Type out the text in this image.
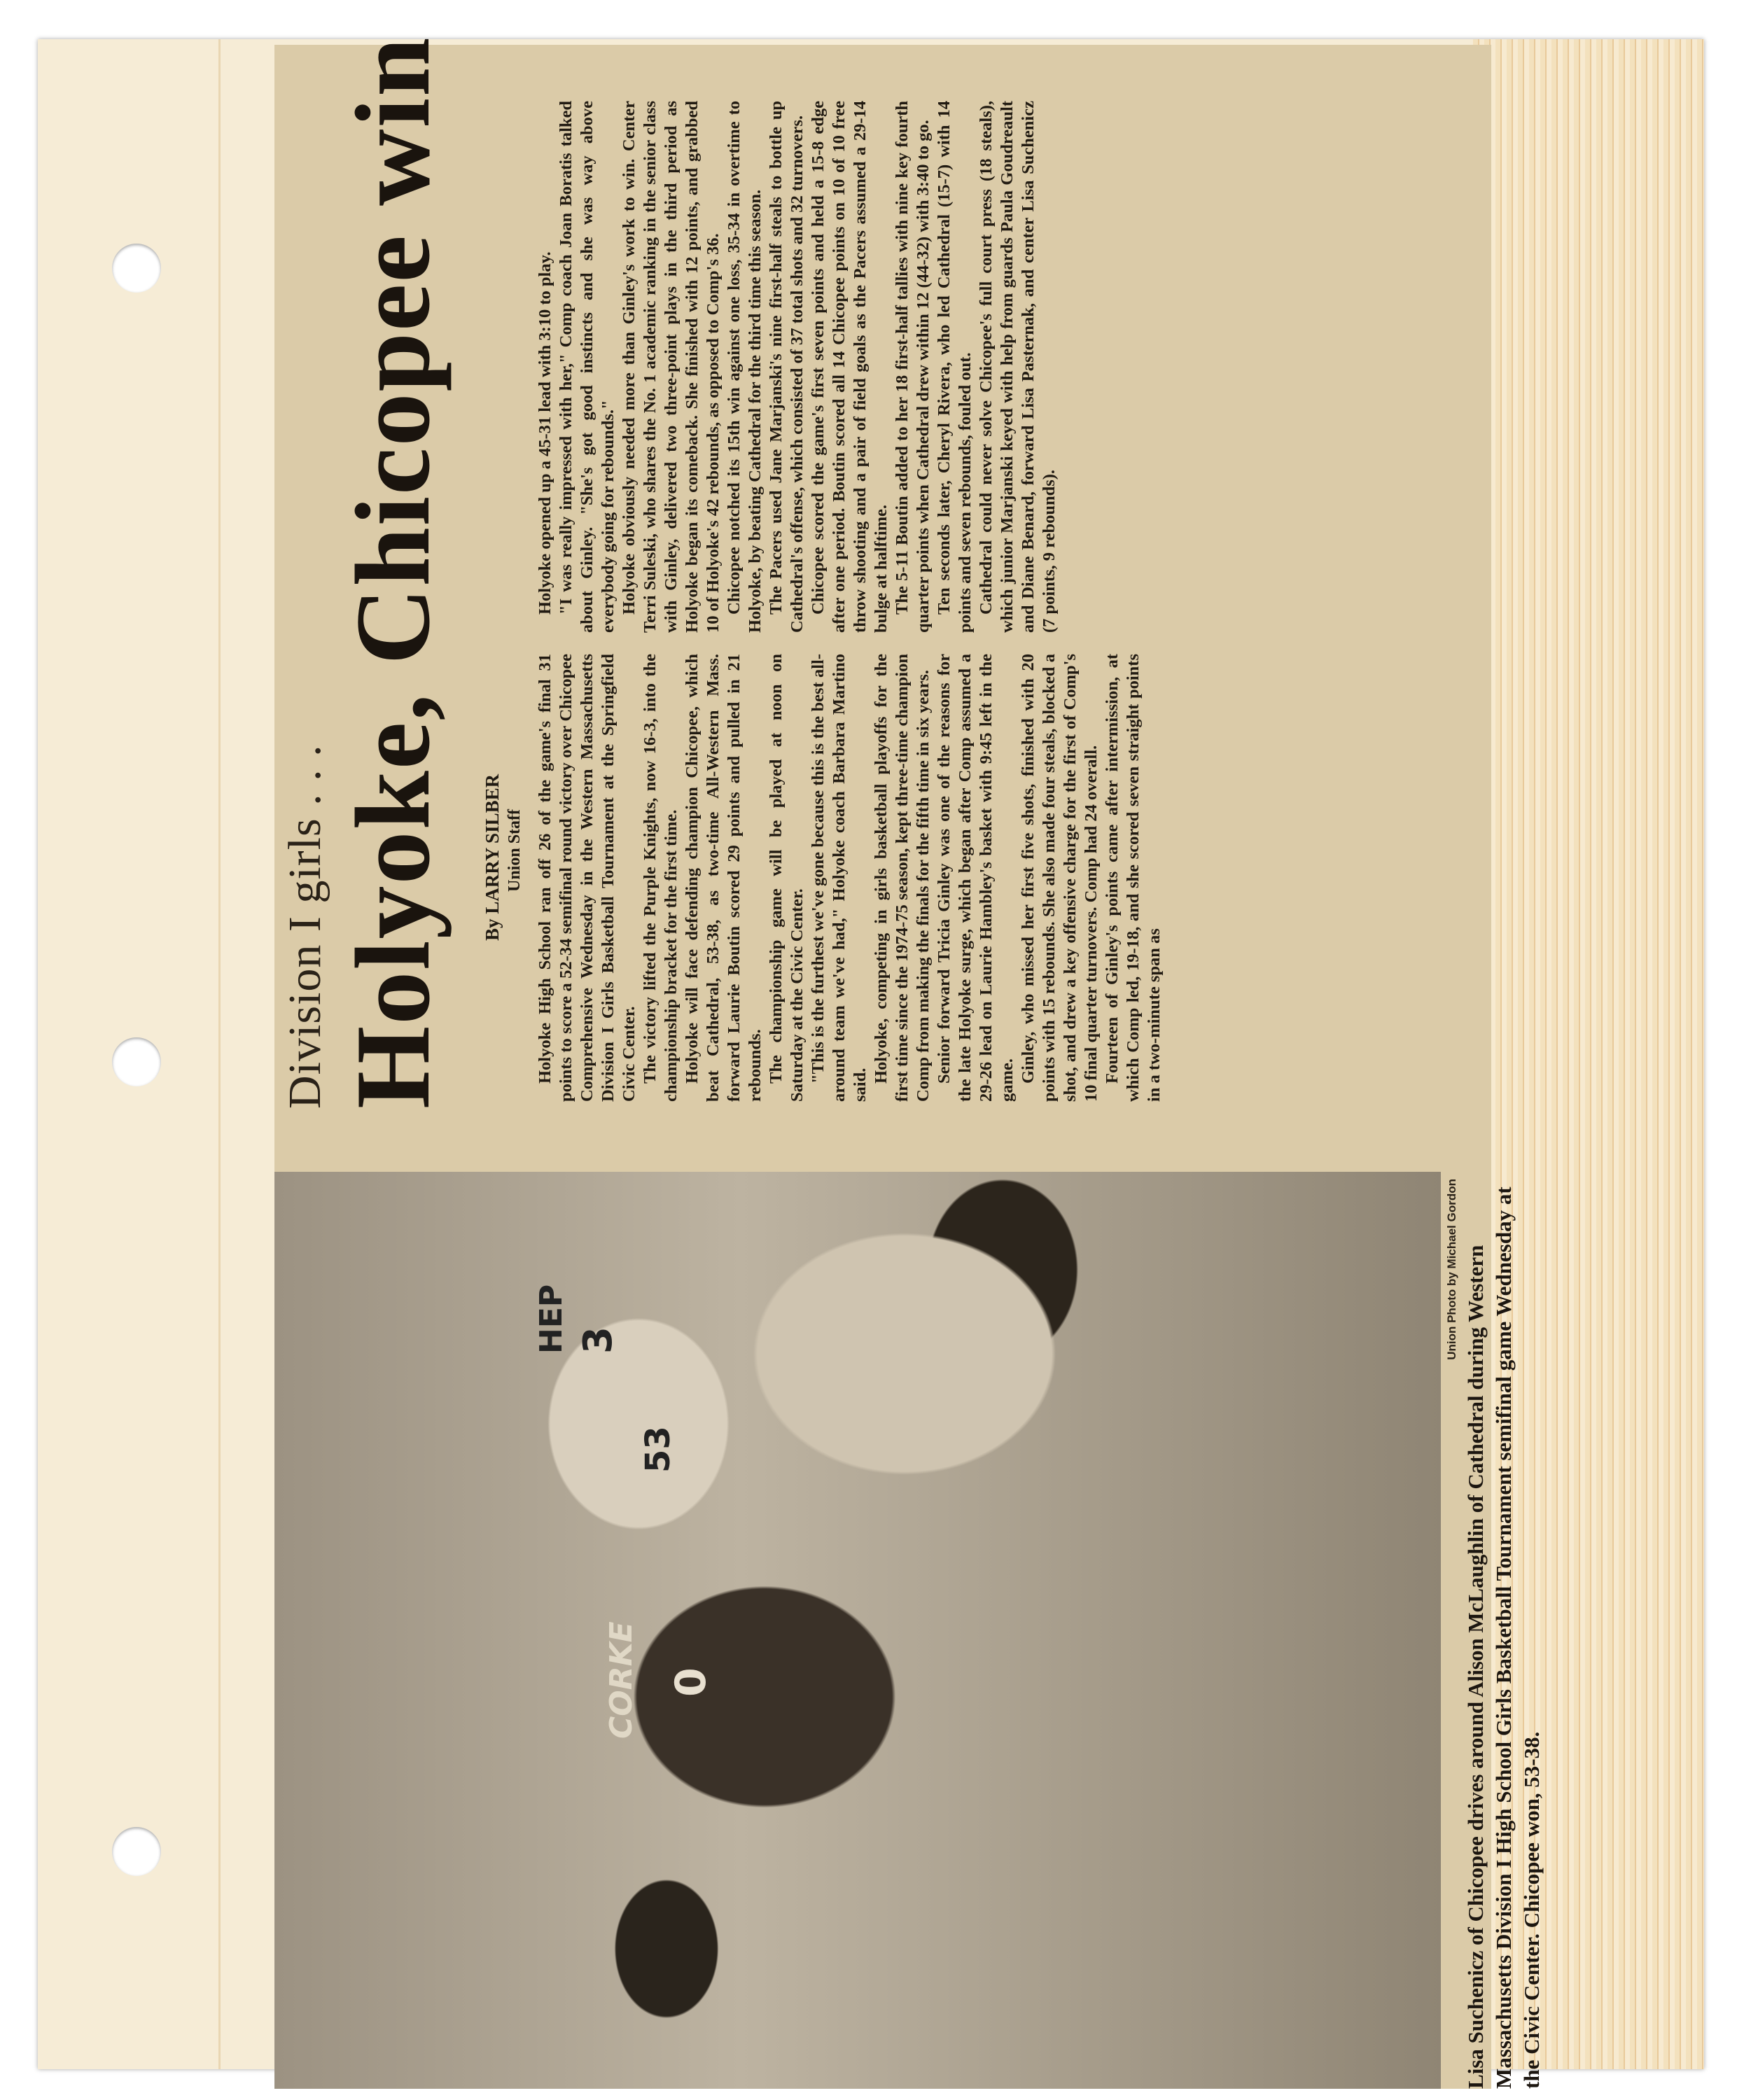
0
CORKE
3
HEP
53
Union Photo by Michael Gordon Lisa Suchenicz of Chicopee drives around Alison McLaughlin of Cathedral during Western Massachusetts Division I High School Girls Basketball Tournament semifinal game Wednesday at the Civic Center. Chicopee won, 53-38.
Division I girls . . . Holyoke, Chicopee win By LARRY SILBER Union Staff Holyoke High School ran off 26 of the game's final 31 points to score a 52-34 semifinal round victory over Chicopee Comprehensive Wednesday in the Western Massachusetts Division I Girls Basketball Tournament at the Springfield Civic Center. The victory lifted the Purple Knights, now 16-3, into the championship bracket for the first time. Holyoke will face defending champion Chicopee, which beat Cathedral, 53-38, as two-time All-Western Mass. forward Laurie Boutin scored 29 points and pulled in 21 rebounds. The championship game will be played at noon on Saturday at the Civic Center. "This is the furthest we've gone because this is the best all-around team we've had," Holyoke coach Barbara Martino said.

Holyoke, competing in girls basketball playoffs for the first time since the 1974-75 season, kept three-time champion Comp from making the finals for the fifth time in six years. Senior forward Tricia Ginley was one of the reasons for the late Holyoke surge, which began after Comp assumed a 29-26 lead on Laurie Hambley's basket with 9:45 left in the game. Ginley, who missed her first five shots, finished with 20 points with 15 rebounds. She also made four steals, blocked a shot, and drew a key offensive charge for the first of Comp's 10 final quarter turnovers. Comp had 24 overall. Fourteen of Ginley's points came after intermission, at which Comp led, 19-18, and she scored seven straight points in a two-minute span as

Holyoke opened up a 45-31 lead with 3:10 to play. "I was really impressed with her," Comp coach Joan Boratis talked about Ginley. "She's got good instincts and she was way above everybody going for rebounds." Holyoke obviously needed more than Ginley's work to win. Center Terri Suleski, who shares the No. 1 academic ranking in the senior class with Ginley, delivered two three-point plays in the third period as Holyoke began its comeback. She finished with 12 points, and grabbed 10 of Holyoke's 42 rebounds, as opposed to Comp's 36. Chicopee notched its 15th win against one loss, 35-34 in overtime to Holyoke, by beating Cathedral for the third time this season. The Pacers used Jane Marjanski's nine first-half steals to bottle up Cathedral's offense, which consisted of 37 total shots and 32 turnovers. Chicopee scored the game's first seven points and held a 15-8 edge after one period. Boutin scored all 14 Chicopee points on 10 of 10 free throw shooting and a pair of field goals as the Pacers assumed a 29-14 bulge at halftime. The 5-11 Boutin added to her 18 first-half tallies with nine key fourth quarter points when Cathedral drew within 12 (44-32) with 3:40 to go. Ten seconds later, Cheryl Rivera, who led Cathedral (15-7) with 14 points and seven rebounds, fouled out. Cathedral could never solve Chicopee's full court press (18 steals), which junior Marjanski keyed with help from guards Paula Goudreault and Diane Benard, forward Lisa Pasternak, and center Lisa Suchenicz (7 points, 9 rebounds).
